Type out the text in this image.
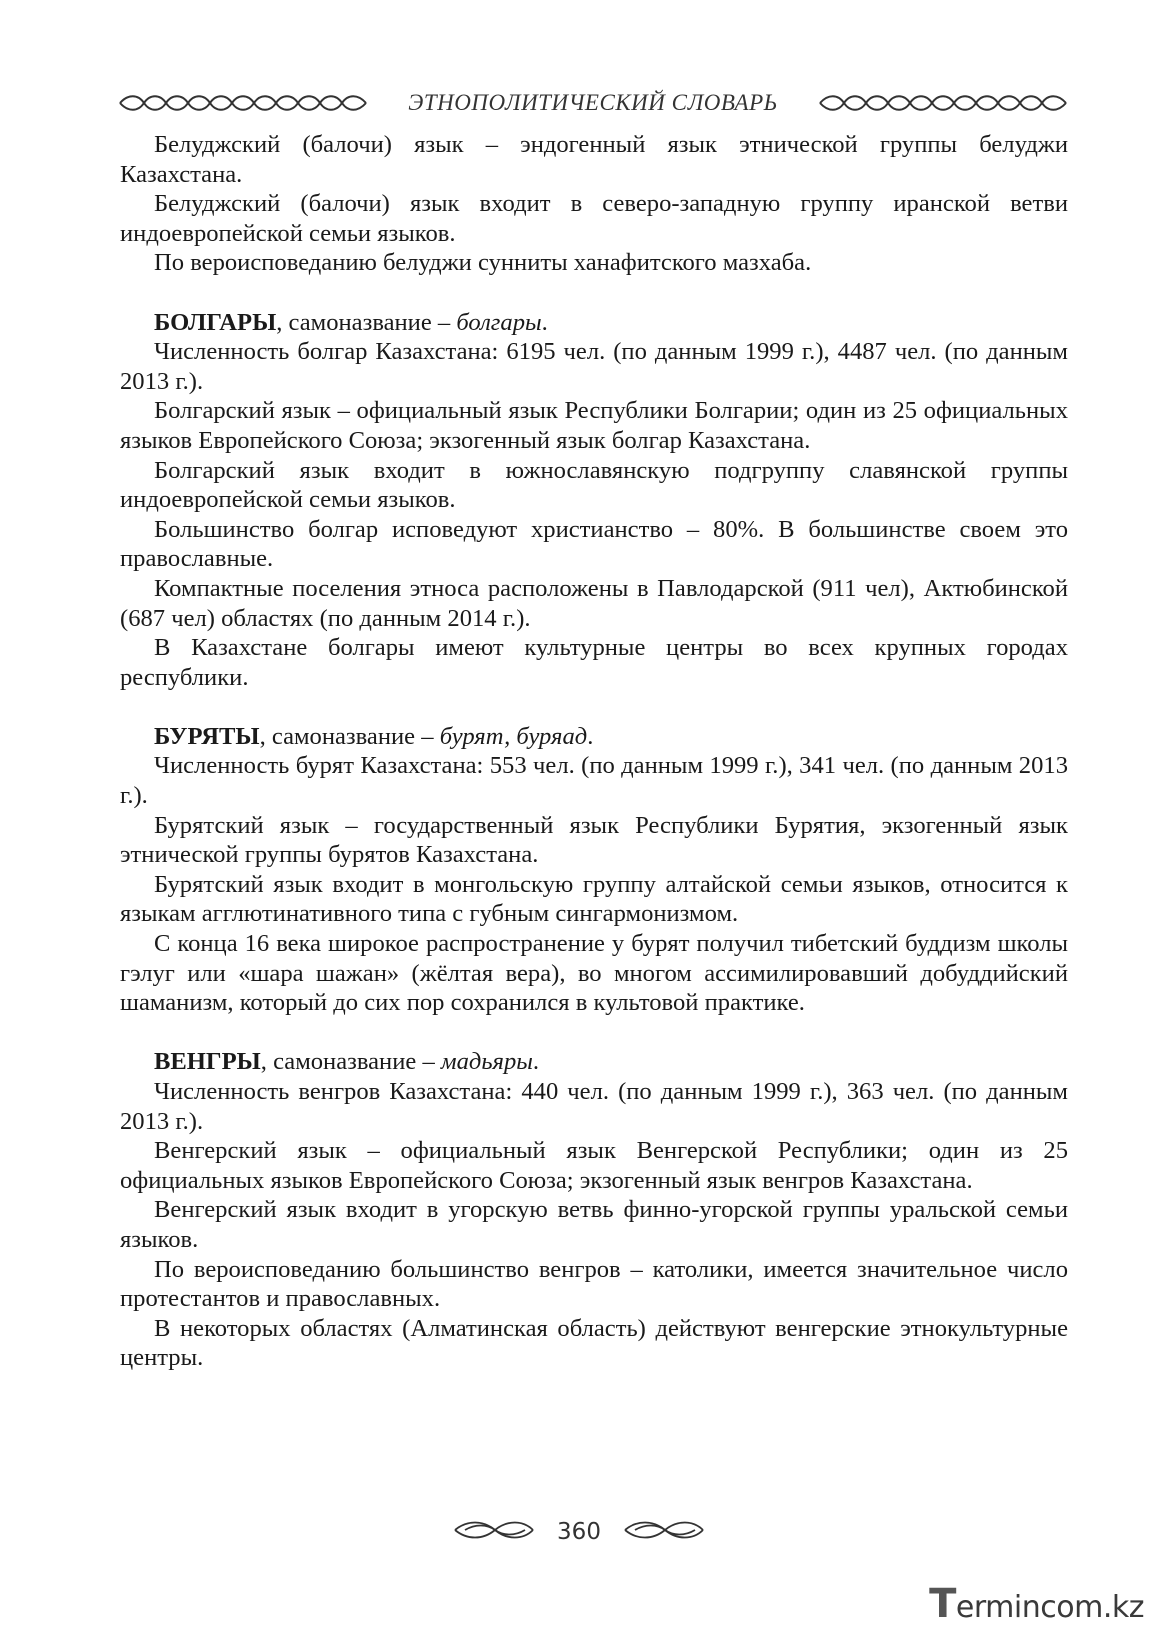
ЭТНОПОЛИТИЧЕСКИЙ СЛОВАРЬ

Белуджский (балочи) язык – эндогенный язык этнической группы белуджи Казахстана.

Белуджский (балочи) язык входит в северо-западную группу иранской ветви индоевропейской семьи языков.

По вероисповеданию белуджи сунниты ханафитского мазхаба.

БОЛГАРЫ, самоназвание – болгары.

Численность болгар Казахстана: 6195 чел. (по данным 1999 г.), 4487 чел. (по данным 2013 г.).

Болгарский язык – официальный язык Республики Болгарии; один из 25 официальных языков Европейского Союза; экзогенный язык болгар Казахстана.

Болгарский язык входит в южнославянскую подгруппу славянской группы индоевропейской семьи языков.

Большинство болгар исповедуют христианство – 80%. В большинстве своем это православные.

Компактные поселения этноса расположены в Павлодарской (911 чел), Актюбинской (687 чел) областях (по данным 2014 г.).

В Казахстане болгары имеют культурные центры во всех крупных городах республики.

БУРЯТЫ, самоназвание – бурят, буряад.

Численность бурят Казахстана: 553 чел. (по данным 1999 г.), 341 чел. (по данным 2013 г.).

Бурятский язык – государственный язык Республики Бурятия, экзогенный язык этнической группы бурятов Казахстана.

Бурятский язык входит в монгольскую группу алтайской семьи языков, относится к языкам агглютинативного типа с губным сингармонизмом.

С конца 16 века широкое распространение у бурят получил тибетский буддизм школы гэлуг или «шара шажан» (жёлтая вера), во многом ассимилировавший добуддийский шаманизм, который до сих пор сохранился в культовой практике.

ВЕНГРЫ, самоназвание – мадьяры.

Численность венгров Казахстана: 440 чел. (по данным 1999 г.), 363 чел. (по данным 2013 г.).

Венгерский язык – официальный язык Венгерской Республики; один из 25 официальных языков Европейского Союза; экзогенный язык венгров Казахстана.

Венгерский язык входит в угорскую ветвь финно-угорской группы уральской семьи языков.

По вероисповеданию большинство венгров – католики, имеется значительное число протестантов и православных.

В некоторых областях (Алматинская область) действуют венгерские этнокультурные центры.

360
Termincom.kz
